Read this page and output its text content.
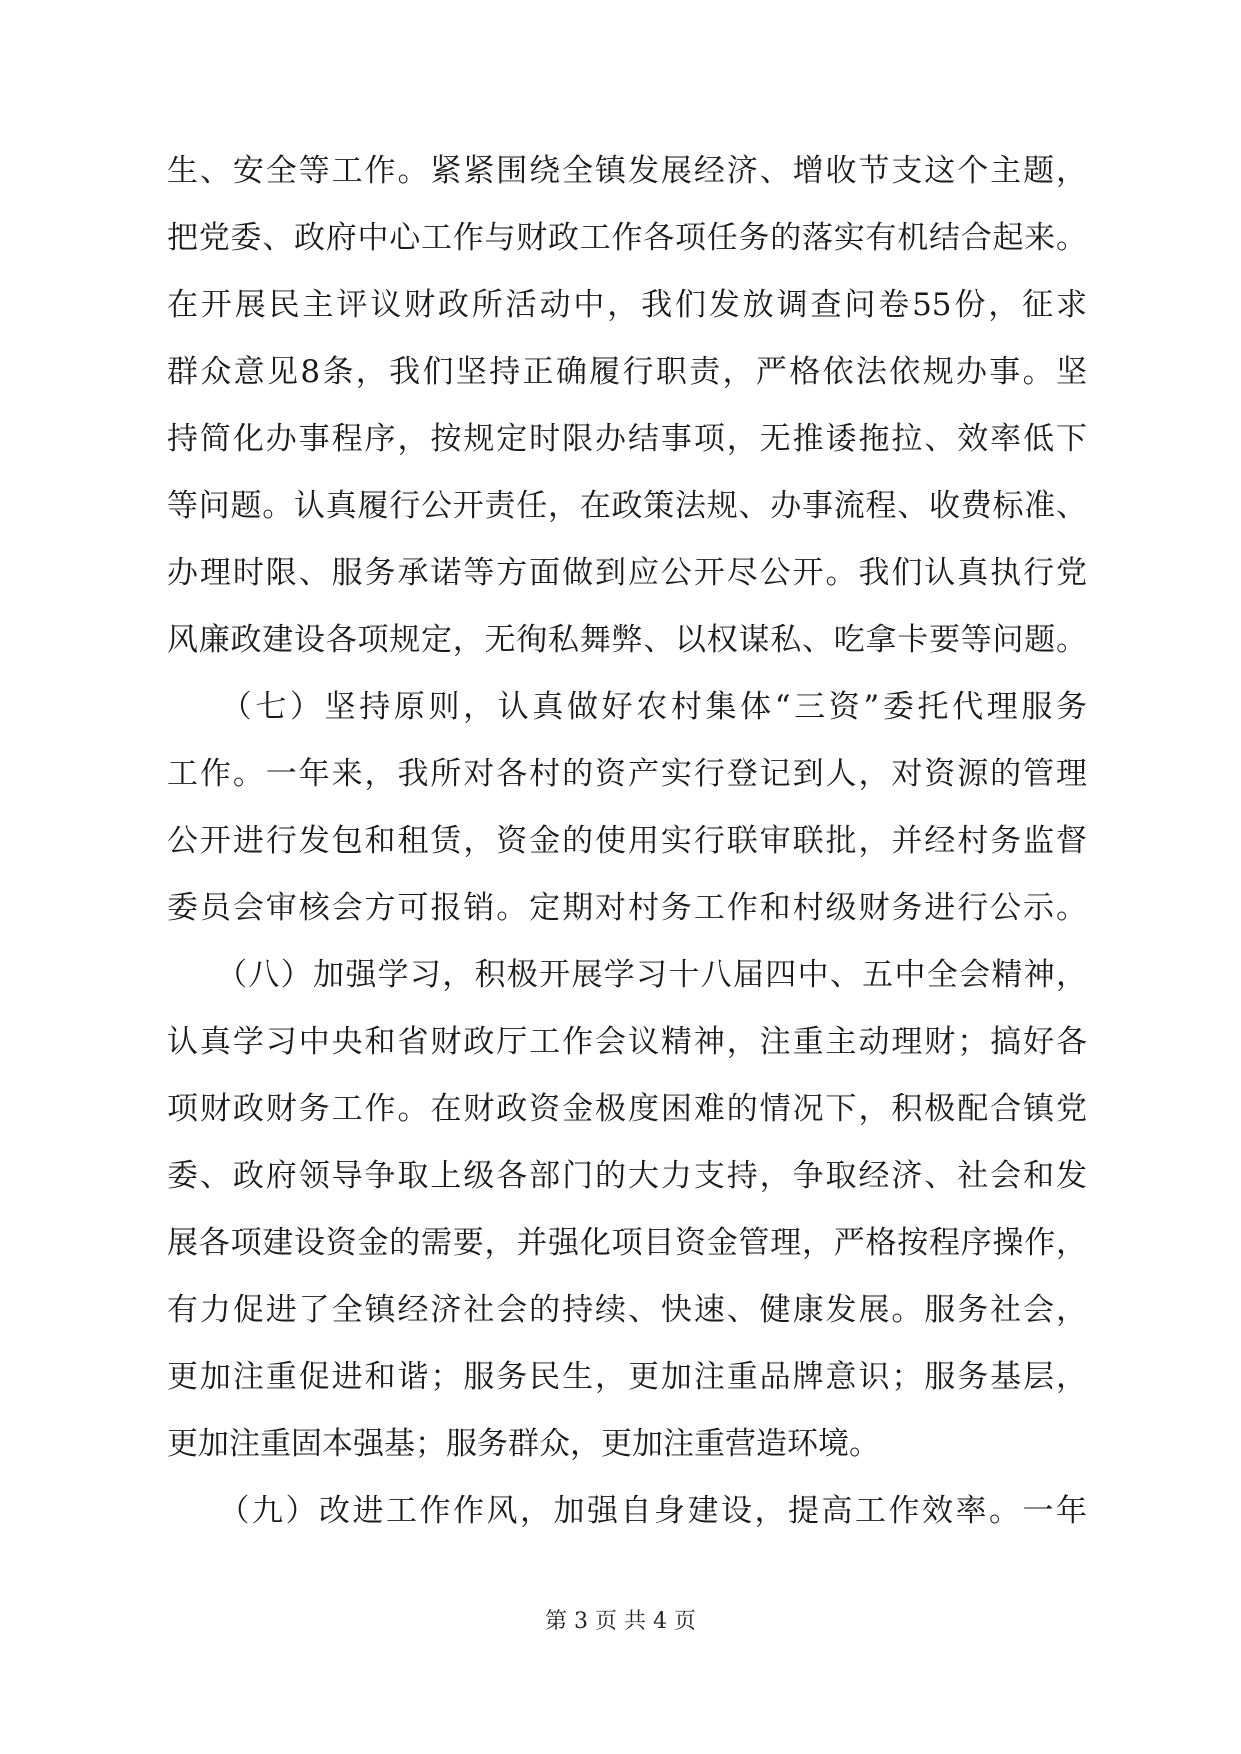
生、安全等工作。紧紧围绕全镇发展经济、增收节支这个主题，
把党委、政府中心工作与财政工作各项任务的落实有机结合起来。
在开展民主评议财政所活动中，我们发放调查问卷55份，征求
群众意见8条，我们坚持正确履行职责，严格依法依规办事。坚
持简化办事程序，按规定时限办结事项，无推诿拖拉、效率低下
等问题。认真履行公开责任，在政策法规、办事流程、收费标准、
办理时限、服务承诺等方面做到应公开尽公开。我们认真执行党
风廉政建设各项规定，无徇私舞弊、以权谋私、吃拿卡要等问题。
　　（七）坚持原则，认真做好农村集体“三资”委托代理服务
工作。一年来，我所对各村的资产实行登记到人，对资源的管理
公开进行发包和租赁，资金的使用实行联审联批，并经村务监督
委员会审核会方可报销。定期对村务工作和村级财务进行公示。
　　（八）加强学习，积极开展学习十八届四中、五中全会精神，
认真学习中央和省财政厅工作会议精神，注重主动理财；搞好各
项财政财务工作。在财政资金极度困难的情况下，积极配合镇党
委、政府领导争取上级各部门的大力支持，争取经济、社会和发
展各项建设资金的需要，并强化项目资金管理，严格按程序操作，
有力促进了全镇经济社会的持续、快速、健康发展。服务社会，
更加注重促进和谐；服务民生，更加注重品牌意识；服务基层，
更加注重固本强基；服务群众，更加注重营造环境。
　　（九）改进工作作风，加强自身建设，提高工作效率。一年
第 3 页 共 4 页
